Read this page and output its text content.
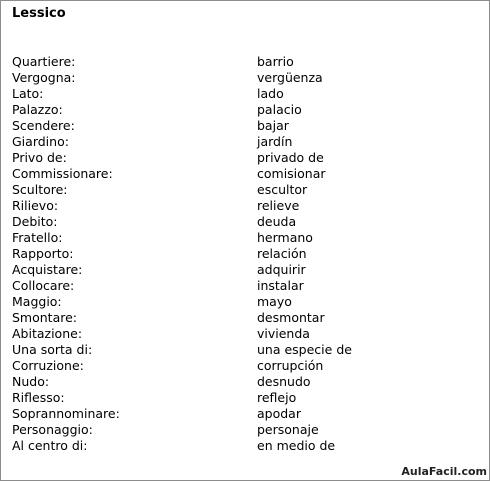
Lessico
Quartiere:	barrio
Vergogna:	vergüenza
Lato:	lado
Palazzo:	palacio
Scendere:	bajar
Giardino:	jardín
Privo de:	privado de
Commissionare:	comisionar
Scultore:	escultor
Rilievo:	relieve
Debito:	deuda
Fratello:	hermano
Rapporto:	relación
Acquistare:	adquirir
Collocare:	instalar
Maggio:	mayo
Smontare:	desmontar
Abitazione:	vivienda
Una sorta di:	una especie de
Corruzione:	corrupción
Nudo:	desnudo
Riflesso:	reflejo
Soprannominare:	apodar
Personaggio:	personaje
Al centro di:	en medio de
AulaFacil.com
